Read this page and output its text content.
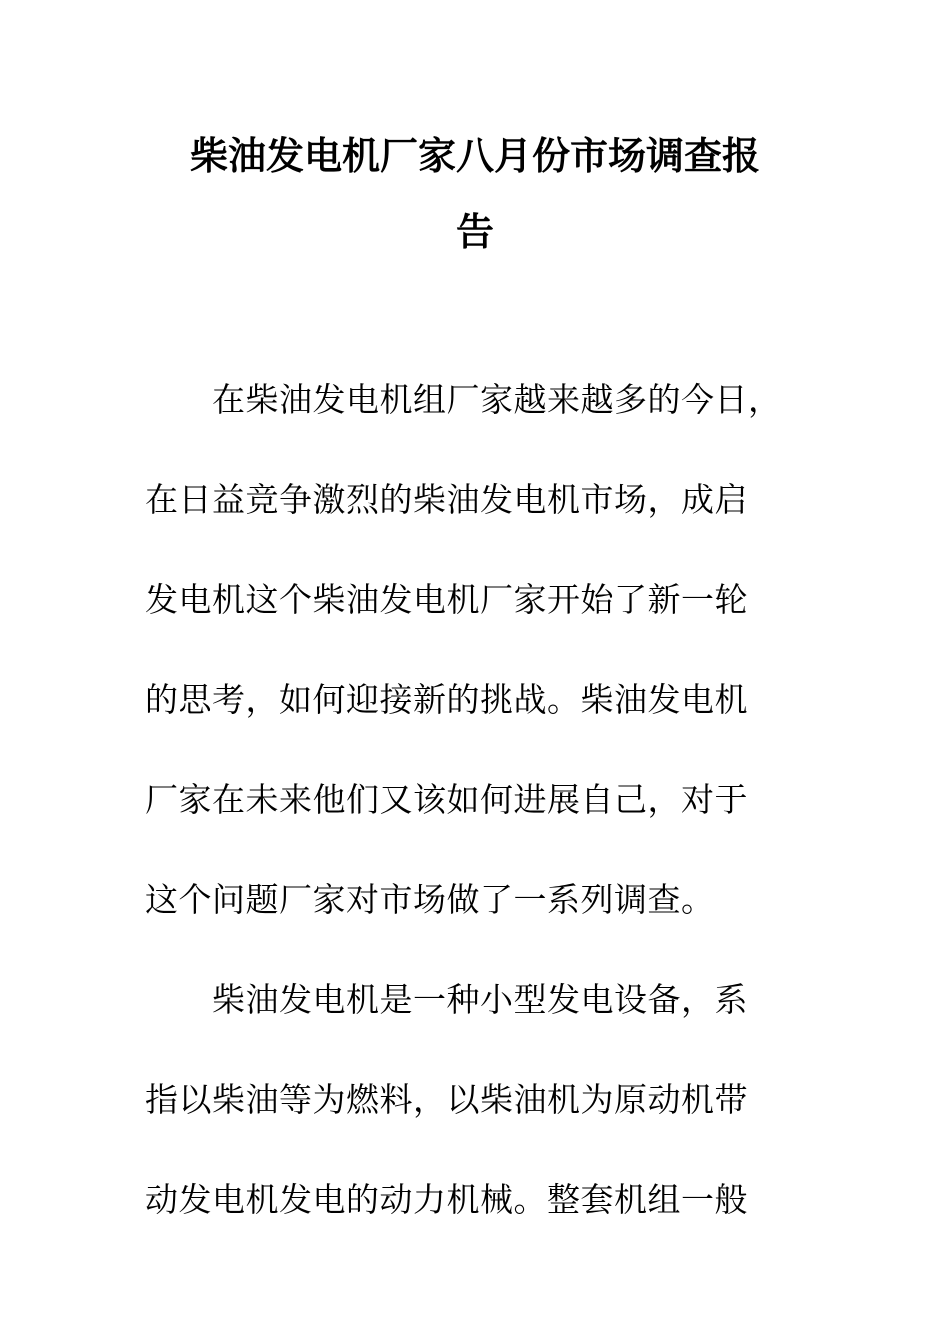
柴油发电机厂家八月份市场调查报
告
在柴油发电机组厂家越来越多的今日，
在日益竞争激烈的柴油发电机市场，成启
发电机这个柴油发电机厂家开始了新一轮
的思考，如何迎接新的挑战。柴油发电机
厂家在未来他们又该如何进展自己，对于
这个问题厂家对市场做了一系列调查。
柴油发电机是一种小型发电设备，系
指以柴油等为燃料，以柴油机为原动机带
动发电机发电的动力机械。整套机组一般
